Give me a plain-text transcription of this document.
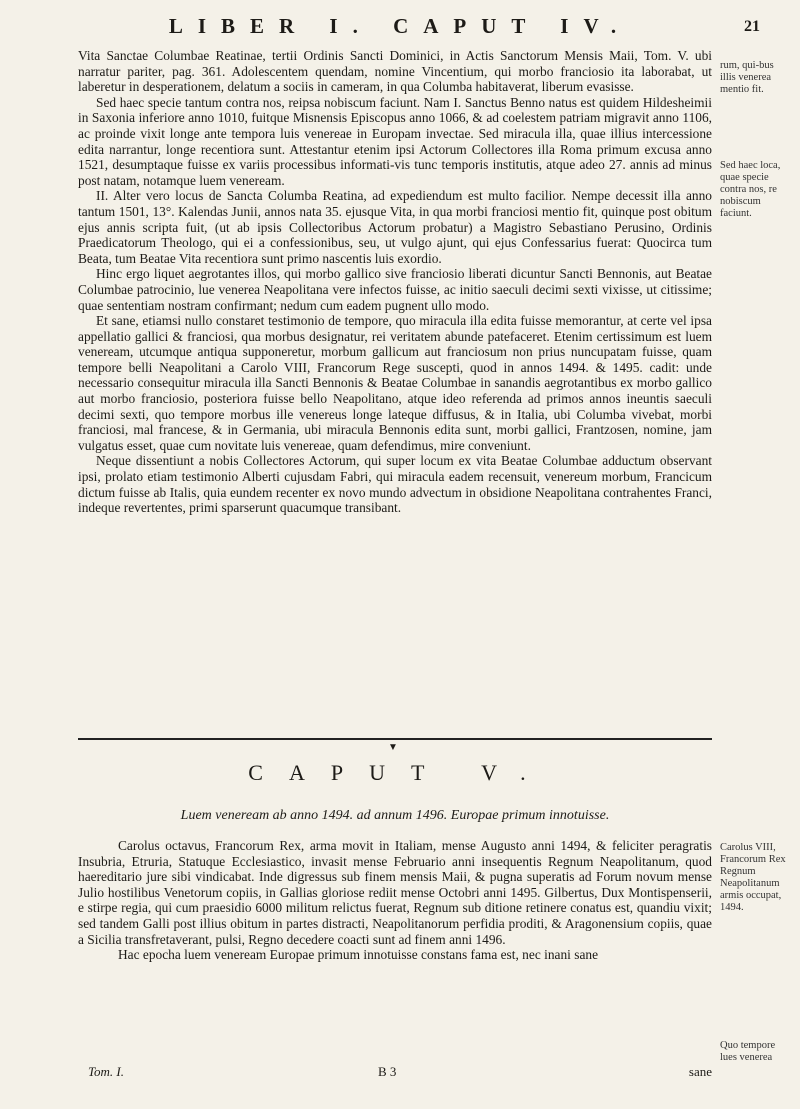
LIBER I. CAPUT IV.	21

Vita Sanctae Columbae Reatinae, tertii Ordinis Sancti Dominici, in Actis Sanctorum Mensis Maii, Tom. V. ubi narratur pariter, pag. 361. Adolescentem quendam, nomine Vincentium, qui morbo franciosio ita laborabat, ut laberetur in desperationem, delatum a sociis in cameram, in qua Columba habitaverat, liberum evasisse.

Sed haec specie tantum contra nos, reipsa nobiscum faciunt. Nam I. Sanctus Benno natus est quidem Hildesheimii in Saxonia inferiore anno 1010, fuitque Misnensis Episcopus anno 1066, & ad coelestem patriam migravit anno 1106, ac proinde vixit longe ante tempora luis venereae in Europam invectae. Sed miracula illa, quae illius intercessione edita narrantur, longe recentiora sunt. Attestantur etenim ipsi Actorum Collectores illa Roma primum excusa anno 1521, desumptaque fuisse ex variis processibus informati-vis tunc temporis institutis, atque adeo 27. annis ad minus post natam, notamque luem veneream.

II. Alter vero locus de Sancta Columba Reatina, ad expediendum est multo facilior. Nempe decessit illa anno tantum 1501, 13°. Kalendas Junii, annos nata 35. ejusque Vita, in qua morbi franciosi mentio fit, quinque post obitum ejus annis scripta fuit, (ut ab ipsis Collectoribus Actorum probatur) a Magistro Sebastiano Perusino, Ordinis Praedicatorum Theologo, qui ei a confessionibus, seu, ut vulgo ajunt, qui ejus Confessarius fuerat: Quocirca tum Beata, tum Beatae Vita recentiora sunt primo nascentis luis exordio.

Hinc ergo liquet aegrotantes illos, qui morbo gallico sive franciosio liberati dicuntur Sancti Bennonis, aut Beatae Columbae patrocinio, lue venerea Neapolitana vere infectos fuisse, ac initio saeculi decimi sexti vixisse, ut citissime; quae sententiam nostram confirmant; nedum cum eadem pugnent ullo modo.

Et sane, etiamsi nullo constaret testimonio de tempore, quo miracula illa edita fuisse memorantur, at certe vel ipsa appellatio gallici & franciosi, qua morbus designatur, rei veritatem abunde patefaceret. Etenim certissimum est luem veneream, utcumque antiqua supponeretur, morbum gallicum aut franciosum non prius nuncupatam fuisse, quam tempore belli Neapolitani a Carolo VIII, Francorum Rege suscepti, quod in annos 1494. & 1495. cadit: unde necessario consequitur miracula illa Sancti Bennonis & Beatae Columbae in sanandis aegrotantibus ex morbo gallico aut morbo franciosio, posteriora fuisse bello Neapolitano, atque ideo referenda ad primos annos ineuntis saeculi decimi sexti, quo tempore morbus ille venereus longe lateque diffusus, & in Italia, ubi Columba vivebat, morbi franciosi, mal francese, & in Germania, ubi miracula Bennonis edita sunt, morbi gallici, Frantzosen, nomine, jam vulgatus esset, quae cum novitate luis venereae, quam defendimus, mire conveniunt.

Neque dissentiunt a nobis Collectores Actorum, qui super locum ex vita Beatae Columbae adductum observant ipsi, prolato etiam testimonio Alberti cujusdam Fabri, qui miracula eadem recensuit, venereum morbum, Francicum dictum fuisse ab Italis, quia eundem recenter ex novo mundo advectum in obsidione Neapolitana contrahentes Franci, indeque revertentes, primi sparserunt quacumque transibant.

rum, qui-bus illis venerea mentio fit.
Sed haec loca, quae specie contra nos, re nobiscum faciunt.
▼
CAPUT V.
Luem veneream ab anno 1494. ad annum 1496. Europae primum innotuisse.

Carolus octavus, Francorum Rex, arma movit in Italiam, mense Augusto anni 1494, & feliciter peragratis Insubria, Etruria, Statuque Ecclesiastico, invasit mense Februario anni insequentis Regnum Neapolitanum, quod haereditario jure sibi vindicabat. Inde digressus sub finem mensis Maii, & pugna superatis ad Forum novum mense Julio hostilibus Venetorum copiis, in Gallias gloriose rediit mense Octobri anni 1495. Gilbertus, Dux Montispenserii, e stirpe regia, qui cum praesidio 6000 militum relictus fuerat, Regnum sub ditione retinere conatus est, quandiu vixit; sed tandem Galli post illius obitum in partes distracti, Neapolitanorum perfidia proditi, & Aragonensium copiis, quae a Sicilia transfretaverant, pulsi, Regno decedere coacti sunt ad finem anni 1496.

Hac epocha luem veneream Europae primum innotuisse constans fama est, nec inani sane

Carolus VIII, Francorum Rex Regnum Neapolitanum armis occupat, 1494.
Quo tempore lues venerea
Tom. I.	B 3	sane
